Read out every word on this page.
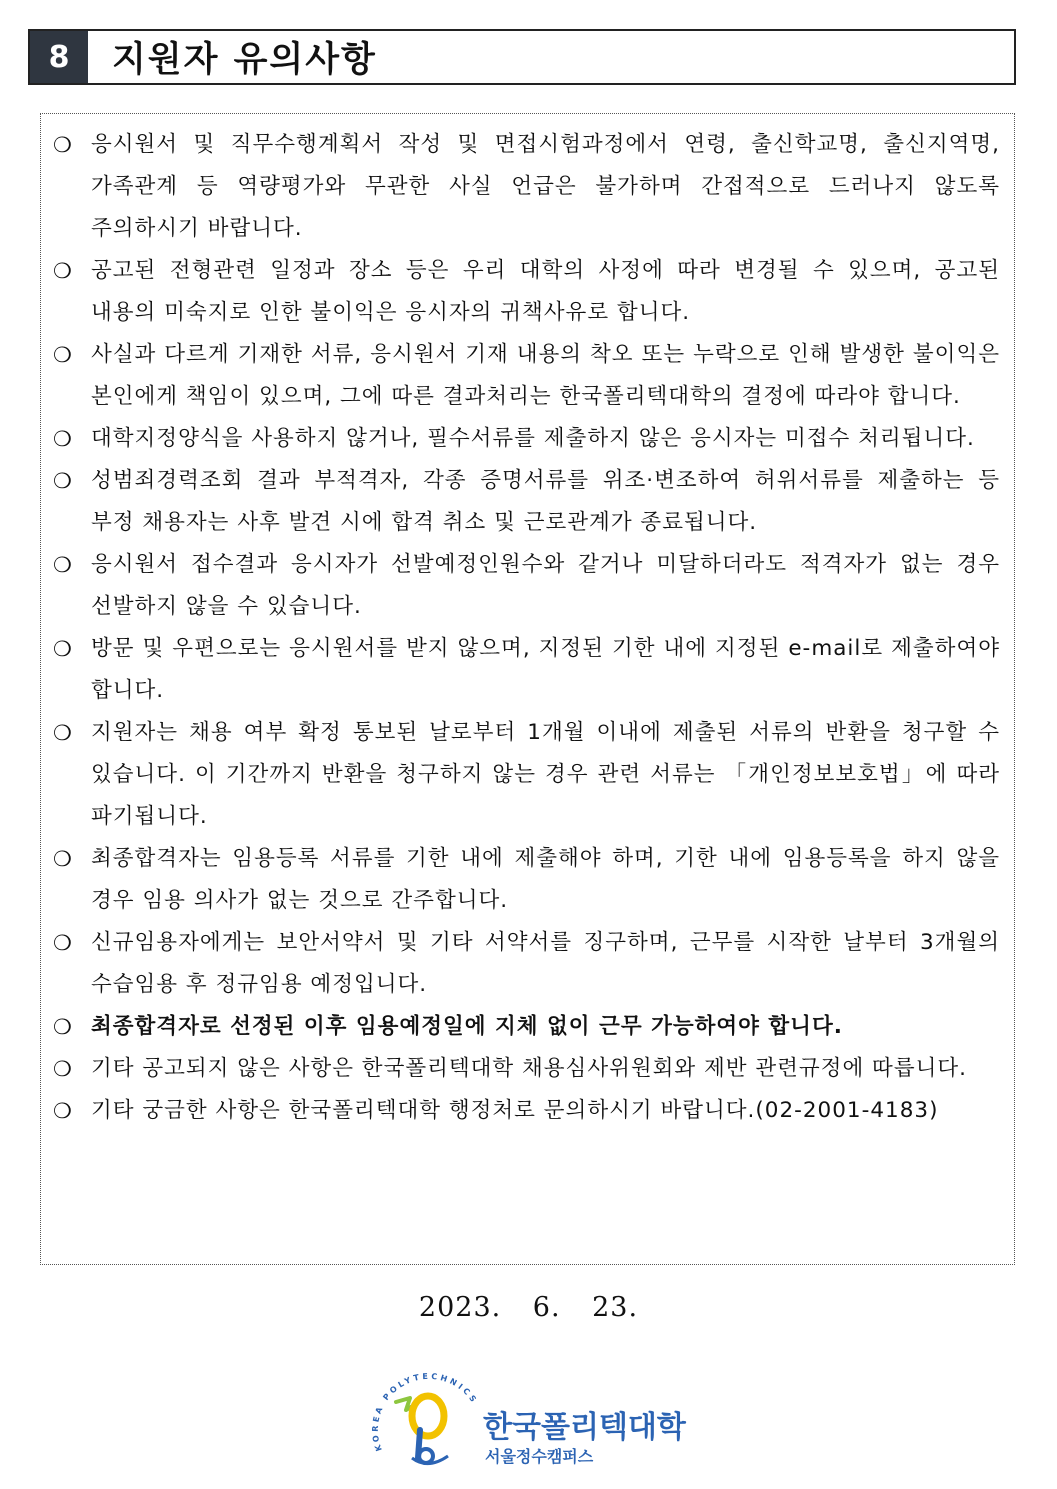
8	지원자 유의사항
❍ 응시원서 및 직무수행계획서 작성 및 면접시험과정에서 연령, 출신학교명, 출신지역명, 가족관계 등 역량평가와 무관한 사실 언급은 불가하며 간접적으로 드러나지 않도록 주의하시기 바랍니다.
❍ 공고된 전형관련 일정과 장소 등은 우리 대학의 사정에 따라 변경될 수 있으며, 공고된 내용의 미숙지로 인한 불이익은 응시자의 귀책사유로 합니다.
❍ 사실과 다르게 기재한 서류, 응시원서 기재 내용의 착오 또는 누락으로 인해 발생한 불이익은 본인에게 책임이 있으며, 그에 따른 결과처리는 한국폴리텍대학의 결정에 따라야 합니다.
❍ 대학지정양식을 사용하지 않거나, 필수서류를 제출하지 않은 응시자는 미접수 처리됩니다.
❍ 성범죄경력조회 결과 부적격자, 각종 증명서류를 위조·변조하여 허위서류를 제출하는 등 부정 채용자는 사후 발견 시에 합격 취소 및 근로관계가 종료됩니다.
❍ 응시원서 접수결과 응시자가 선발예정인원수와 같거나 미달하더라도 적격자가 없는 경우 선발하지 않을 수 있습니다.
❍ 방문 및 우편으로는 응시원서를 받지 않으며, 지정된 기한 내에 지정된 e-mail로 제출하여야 합니다.
❍ 지원자는 채용 여부 확정 통보된 날로부터 1개월 이내에 제출된 서류의 반환을 청구할 수 있습니다. 이 기간까지 반환을 청구하지 않는 경우 관련 서류는 「개인정보보호법」에 따라 파기됩니다.
❍ 최종합격자는 임용등록 서류를 기한 내에 제출해야 하며, 기한 내에 임용등록을 하지 않을 경우 임용 의사가 없는 것으로 간주합니다.
❍ 신규임용자에게는 보안서약서 및 기타 서약서를 징구하며, 근무를 시작한 날부터 3개월의 수습임용 후 정규임용 예정입니다.
❍ 최종합격자로 선정된 이후 임용예정일에 지체 없이 근무 가능하여야 합니다.
❍ 기타 공고되지 않은 사항은 한국폴리텍대학 채용심사위원회와 제반 관련규정에 따릅니다.
❍ 기타 궁금한 사항은 한국폴리텍대학 행정처로 문의하시기 바랍니다.(02-2001-4183)
2023. 6. 23.
KOREA POLYTECHNICS
한국폴리텍대학
서울정수캠퍼스
